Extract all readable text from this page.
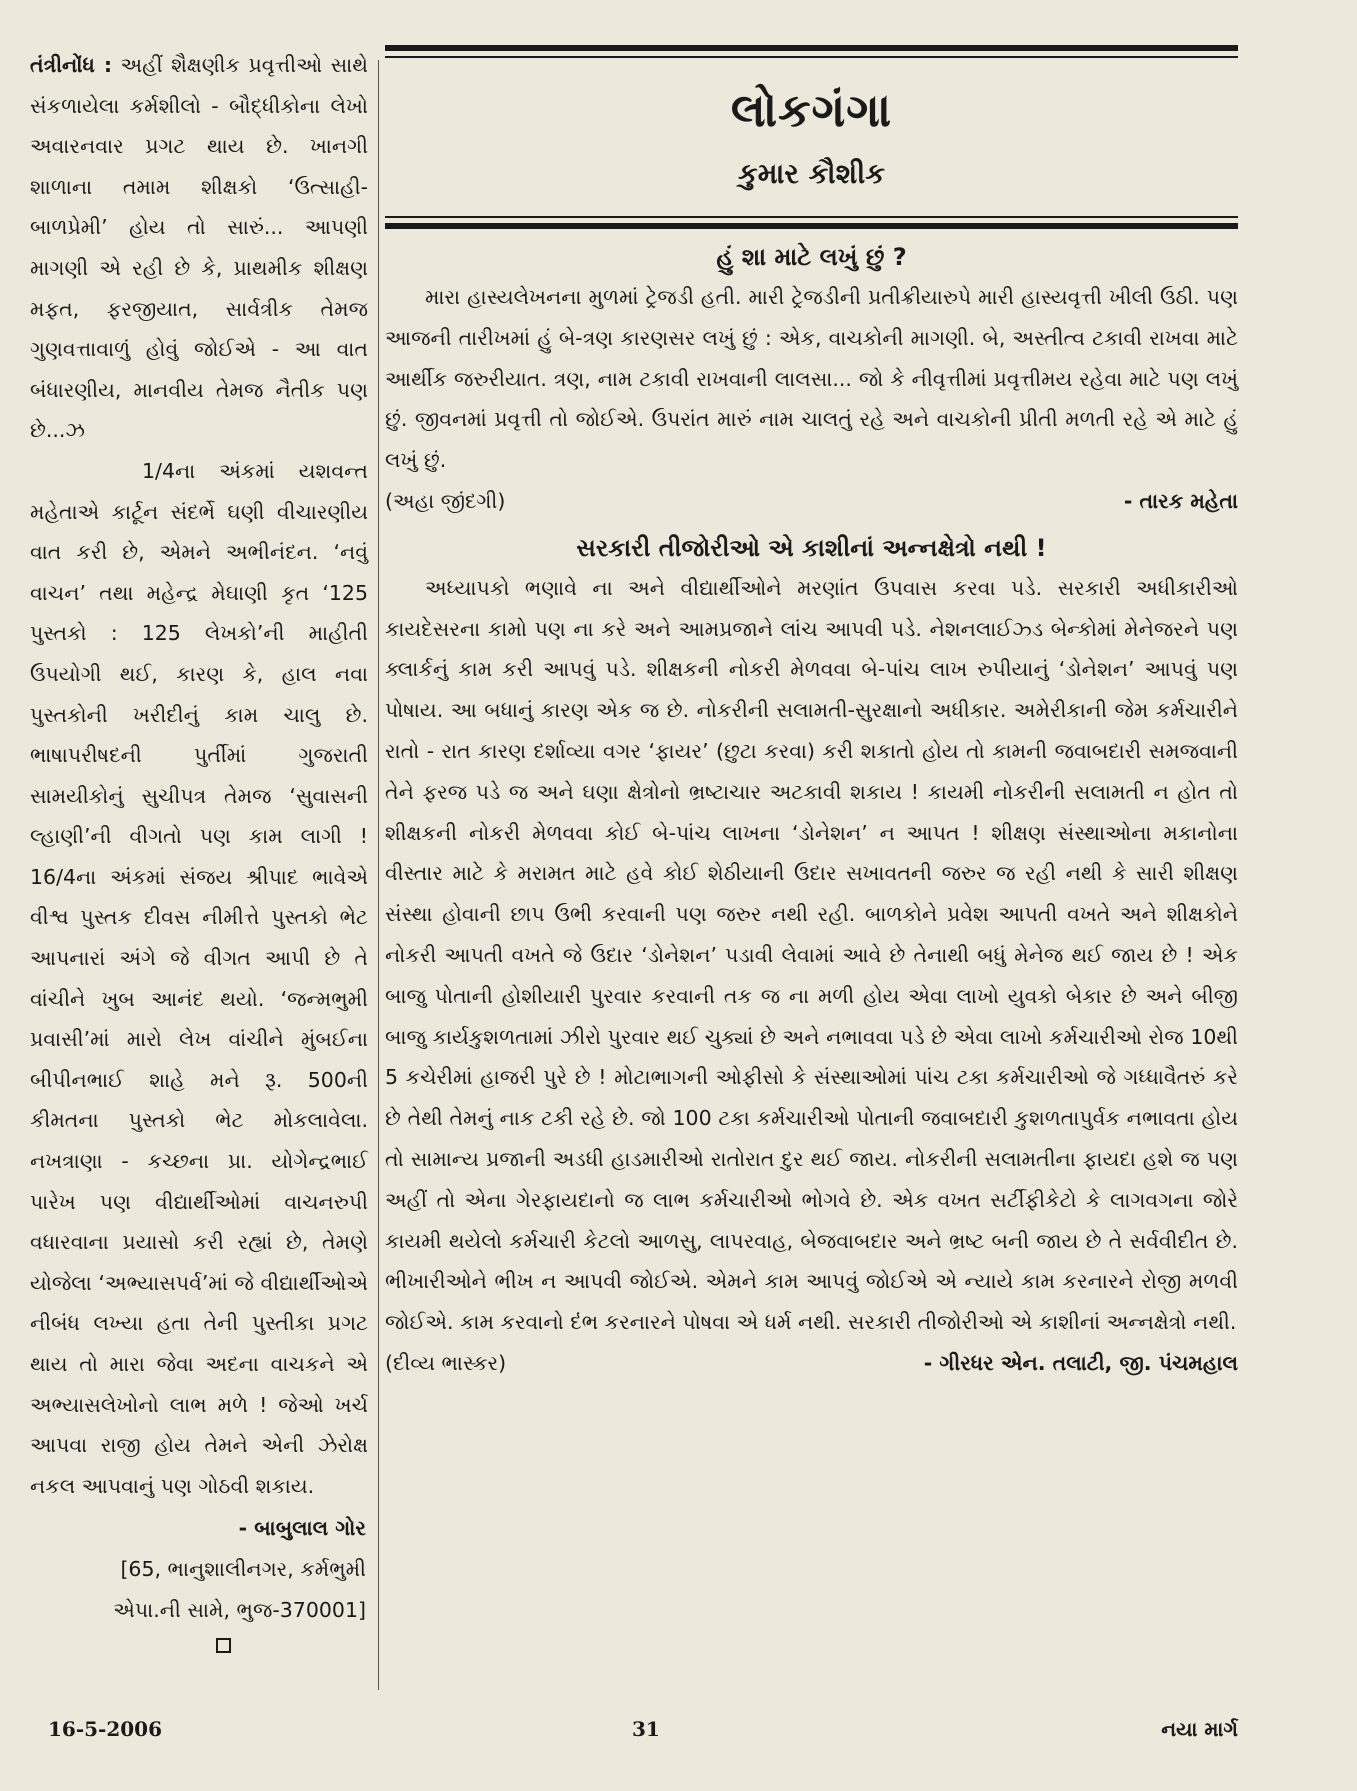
તંત્રીનોંધ : અહીં શૈક્ષણીક પ્રવૃત્તીઓ સાથે સંકળાયેલા કર્મશીલો - બૌદ્ધીકોના લેખો અવારનવાર પ્રગટ થાય છે. ખાનગી શાળાના તમામ શીક્ષકો ‘ઉત્સાહી-બાળપ્રેમી’ હોય તો સારું... આપણી માગણી એ રહી છે કે, પ્રાથમીક શીક્ષણ મફત, ફરજીયાત, સાર્વત્રીક તેમજ ગુણવત્તાવાળું હોવું જોઈએ - આ વાત બંધારણીય, માનવીય તેમજ નૈતીક પણ છે...ઝ

1/4ના અંકમાં યશવન્ત મહેતાએ કાર્ટૂન સંદર્ભે ઘણી વીચારણીય વાત કરી છે, એમને અભીનંદન. ‘નવું વાચન’ તથા મહેન્દ્ર મેઘાણી કૃત ‘125 પુસ્તકો : 125 લેખકો’ની માહીતી ઉપયોગી થઈ, કારણ કે, હાલ નવા પુસ્તકોની ખરીદીનું કામ ચાલુ છે. ભાષાપરીષદની પુર્તીમાં ગુજરાતી સામયીકોનું સુચીપત્ર તેમજ ‘સુવાસની લ્હાણી’ની વીગતો પણ કામ લાગી ! 16/4ના અંકમાં સંજય શ્રીપાદ ભાવેએ વીશ્વ પુસ્તક દીવસ નીમીત્તે પુસ્તકો ભેટ આપનારાં અંગે જે વીગત આપી છે તે વાંચીને ખુબ આનંદ થયો. ‘જન્મભુમી પ્રવાસી’માં મારો લેખ વાંચીને મુંબઈના બીપીનભાઈ શાહે મને રૂ. 500ની કીમતના પુસ્તકો ભેટ મોકલાવેલા. નખત્રાણા - કચ્છના પ્રા. યોગેન્દ્રભાઈ પારેખ પણ વીદ્યાર્થીઓમાં વાચનરુપી વધારવાના પ્રયાસો કરી રહ્યાં છે, તેમણે યોજેલા ‘અભ્યાસપર્વ’માં જે વીદ્યાર્થીઓએ નીબંધ લખ્યા હતા તેની પુસ્તીકા પ્રગટ થાય તો મારા જેવા અદના વાચકને એ અભ્યાસલેખોનો લાભ મળે ! જેઓ ખર્ચ આપવા રાજી હોય તેમને એની ઝેરોક્ષ નકલ આપવાનું પણ ગોઠવી શકાય.

- બાબુલાલ ગોર

[65, ભાનુશાલીનગર, કર્મભુમી

એપા.ની સામે, ભુજ-370001]

લોકગંગા
કુમાર કૌશીક
હું શા માટે લખું છું ?

મારા હાસ્યલેખનના મુળમાં ટ્રેજડી હતી. મારી ટ્રેજડીની પ્રતીક્રીયારુપે મારી હાસ્યવૃત્તી ખીલી ઉઠી. પણ આજની તારીખમાં હું બે-ત્રણ કારણસર લખું છું : એક, વાચકોની માગણી. બે, અસ્તીત્વ ટકાવી રાખવા માટે આર્થીક જરુરીયાત. ત્રણ, નામ ટકાવી રાખવાની લાલસા... જો કે નીવૃત્તીમાં પ્રવૃત્તીમય રહેવા માટે પણ લખું છું. જીવનમાં પ્રવૃત્તી તો જોઈએ. ઉપરાંત મારું નામ ચાલતું રહે અને વાચકોની પ્રીતી મળતી રહે એ માટે હું લખું છું.

(અહા જીંદગી)	- તારક મહેતા
સરકારી તીજોરીઓ એ કાશીનાં અન્નક્ષેત્રો નથી !

અધ્યાપકો ભણાવે ના અને વીદ્યાર્થીઓને મરણાંત ઉપવાસ કરવા પડે. સરકારી અધીકારીઓ કાયદેસરના કામો પણ ના કરે અને આમપ્રજાને લાંચ આપવી પડે. નેશનલાઈઝ્ડ બેન્કોમાં મેનેજરને પણ ક્લાર્કનું કામ કરી આપવું પડે. શીક્ષકની નોકરી મેળવવા બે-પાંચ લાખ રુપીયાનું ‘ડોનેશન’ આપવું પણ પોષાય. આ બધાનું કારણ એક જ છે. નોકરીની સલામતી-સુરક્ષાનો અધીકાર. અમેરીકાની જેમ કર્મચારીને રાતો - રાત કારણ દર્શાવ્યા વગર ‘ફાયર’ (છુટા કરવા) કરી શકાતો હોય તો કામની જવાબદારી સમજવાની તેને ફરજ પડે જ અને ઘણા ક્ષેત્રોનો ભ્રષ્ટાચાર અટકાવી શકાય ! કાયમી નોકરીની સલામતી ન હોત તો શીક્ષકની નોકરી મેળવવા કોઈ બે-પાંચ લાખના ‘ડોનેશન’ ન આપત ! શીક્ષણ સંસ્થાઓના મકાનોના વીસ્તાર માટે કે મરામત માટે હવે કોઈ શેઠીયાની ઉદાર સખાવતની જરુર જ રહી નથી કે સારી શીક્ષણ સંસ્થા હોવાની છાપ ઉભી કરવાની પણ જરુર નથી રહી. બાળકોને પ્રવેશ આપતી વખતે અને શીક્ષકોને નોકરી આપતી વખતે જે ઉદાર ‘ડોનેશન’ પડાવી લેવામાં આવે છે તેનાથી બધું મેનેજ થઈ જાય છે ! એક બાજુ પોતાની હોશીયારી પુરવાર કરવાની તક જ ના મળી હોય એવા લાખો યુવકો બેકાર છે અને બીજી બાજુ કાર્યકુશળતામાં ઝીરો પુરવાર થઈ ચુક્યાં છે અને નભાવવા પડે છે એવા લાખો કર્મચારીઓ રોજ 10થી 5 કચેરીમાં હાજરી પુરે છે ! મોટાભાગની ઓફીસો કે સંસ્થાઓમાં પાંચ ટકા કર્મચારીઓ જે ગધ્ધાવૈતરું કરે છે તેથી તેમનું નાક ટકી રહે છે. જો 100 ટકા કર્મચારીઓ પોતાની જવાબદારી કુશળતાપુર્વક નભાવતા હોય તો સામાન્ય પ્રજાની અડધી હાડમારીઓ રાતોરાત દુર થઈ જાય. નોકરીની સલામતીના ફાયદા હશે જ પણ અહીં તો એના ગેરફાયદાનો જ લાભ કર્મચારીઓ ભોગવે છે. એક વખત સર્ટીફીકેટો કે લાગવગના જોરે કાયમી થયેલો કર્મચારી કેટલો આળસુ, લાપરવાહ, બેજવાબદાર અને ભ્રષ્ટ બની જાય છે તે સર્વવીદીત છે. ભીખારીઓને ભીખ ન આપવી જોઈએ. એમને કામ આપવું જોઈએ એ ન્યાયે કામ કરનારને રોજી મળવી જોઈએ. કામ કરવાનો દંભ કરનારને પોષવા એ ધર્મ નથી. સરકારી તીજોરીઓ એ કાશીનાં અન્નક્ષેત્રો નથી.

(દીવ્ય ભાસ્કર)	- ગીરધર એન. તલાટી, જી. પંચમહાલ
16-5-2006	31	નયા માર્ગ
